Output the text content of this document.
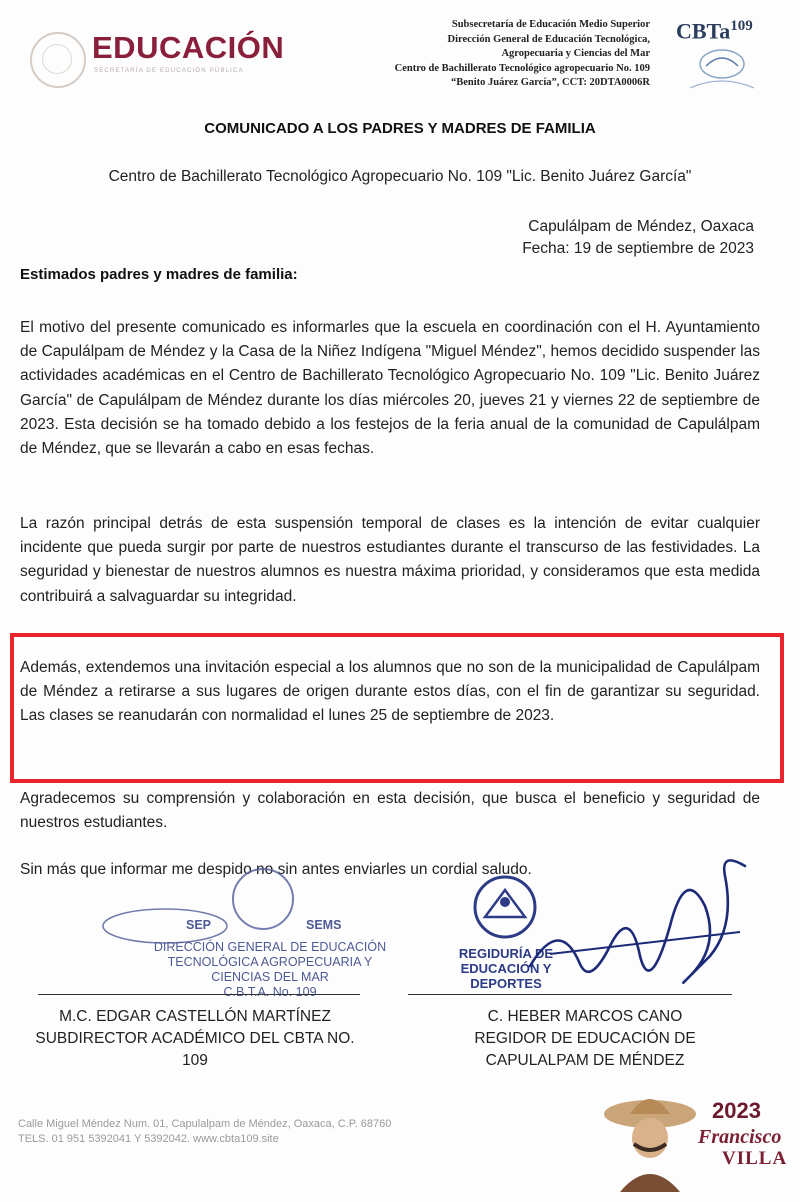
EDUCACIÓN
SECRETARÍA DE EDUCACIÓN PÚBLICA
Subsecretaría de Educación Medio Superior
Dirección General de Educación Tecnológica,
Agropecuaria y Ciencias del Mar
Centro de Bachillerato Tecnológico agropecuario No. 109
“Benito Juárez García”, CCT: 20DTA0006R
CBTa$^{109}$
COMUNICADO A LOS PADRES Y MADRES DE FAMILIA
Centro de Bachillerato Tecnológico Agropecuario No. 109 "Lic. Benito Juárez García"
Capulálpam de Méndez, Oaxaca
Fecha: 19 de septiembre de 2023
Estimados padres y madres de familia:
El motivo del presente comunicado es informarles que la escuela en coordinación con el H. Ayuntamiento de Capulálpam de Méndez y la Casa de la Niñez Indígena "Miguel Méndez", hemos decidido suspender las actividades académicas en el Centro de Bachillerato Tecnológico Agropecuario No. 109 "Lic. Benito Juárez García" de Capulálpam de Méndez durante los días miércoles 20, jueves 21 y viernes 22 de septiembre de 2023. Esta decisión se ha tomado debido a los festejos de la feria anual de la comunidad de Capulálpam de Méndez, que se llevarán a cabo en esas fechas.
La razón principal detrás de esta suspensión temporal de clases es la intención de evitar cualquier incidente que pueda surgir por parte de nuestros estudiantes durante el transcurso de las festividades. La seguridad y bienestar de nuestros alumnos es nuestra máxima prioridad, y consideramos que esta medida contribuirá a salvaguardar su integridad.
Además, extendemos una invitación especial a los alumnos que no son de la municipalidad de Capulálpam de Méndez a retirarse a sus lugares de origen durante estos días, con el fin de garantizar su seguridad. Las clases se reanudarán con normalidad el lunes 25 de septiembre de 2023.
Agradecemos su comprensión y colaboración en esta decisión, que busca el beneficio y seguridad de nuestros estudiantes.
Sin más que informar me despido no sin antes enviarles un cordial saludo.
SEP	SEMS
DIRECCIÓN GENERAL DE EDUCACIÓN
TECNOLÓGICA AGROPECUARIA Y
CIENCIAS DEL MAR
C.B.T.A. No. 109
REGIDURÍA DE
EDUCACIÓN Y
DEPORTES
M.C. EDGAR CASTELLÓN MARTÍNEZ
SUBDIRECTOR ACADÉMICO DEL CBTA NO.
109
C. HEBER MARCOS CANO
REGIDOR DE EDUCACIÓN DE
CAPULALPAM DE MÉNDEZ
Calle Miguel Méndez Num. 01, Capulalpam de Méndez, Oaxaca, C.P. 68760
TELS. 01 951 5392041 Y 5392042. www.cbta109.site
2023
Francisco
VILLA
